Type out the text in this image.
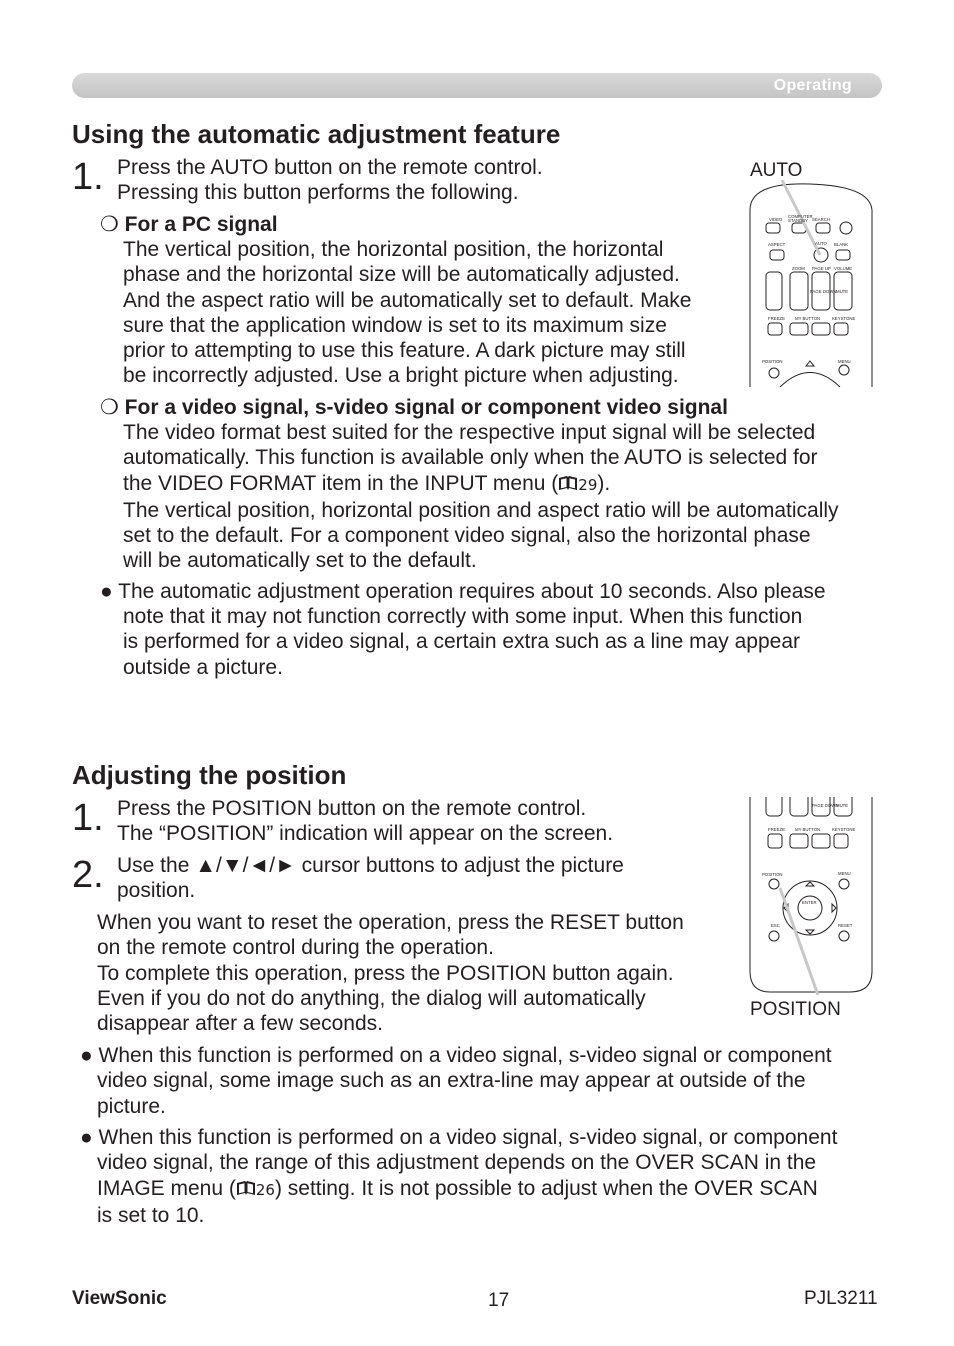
Operating
Using the automatic adjustment feature
1. Press the AUTO button on the remote control.
Pressing this button performs the following.
❍ For a PC signal
The vertical position, the horizontal position, the horizontal
phase and the horizontal size will be automatically adjusted.
And the aspect ratio will be automatically set to default. Make
sure that the application window is set to its maximum size
prior to attempting to use this feature. A dark picture may still
be incorrectly adjusted. Use a bright picture when adjusting.
❍ For a video signal, s-video signal or component video signal
The video format best suited for the respective input signal will be selected
automatically. This function is available only when the AUTO is selected for
the VIDEO FORMAT item in the INPUT menu ( 29).
The vertical position, horizontal position and aspect ratio will be automatically
set to the default. For a component video signal, also the horizontal phase
will be automatically set to the default.
● The automatic adjustment operation requires about 10 seconds. Also please
note that it may not function correctly with some input. When this function
is performed for a video signal, a certain extra such as a line may appear
outside a picture.
AUTO
VIDEO
COMPUTER
STANDBY SEARCH
ASPECT	AUTO BLANK
ZOOM PAGE UP VOLUME
PAGE DOWN MUTE
FREEZE MY BUTTON	KEYSTONE
POSITION	MENU
Adjusting the position
1. Press the POSITION button on the remote control.
The “POSITION” indication will appear on the screen.
2. Use the ▲/▼/◄/► cursor buttons to adjust the picture
position.
When you want to reset the operation, press the RESET button
on the remote control during the operation.
To complete this operation, press the POSITION button again.
Even if you do not do anything, the dialog will automatically
disappear after a few seconds.
● When this function is performed on a video signal, s-video signal or component
video signal, some image such as an extra-line may appear at outside of the
picture.
● When this function is performed on a video signal, s-video signal, or component
video signal, the range of this adjustment depends on the OVER SCAN in the
IMAGE menu ( 26) setting. It is not possible to adjust when the OVER SCAN
is set to 10.
PAGE DOWN
MUTE
FREEZE MY BUTTON	KEYSTONE
POSITION	MENU
ENTER
ESC	RESET
POSITION
ViewSonic	17	PJL3211
